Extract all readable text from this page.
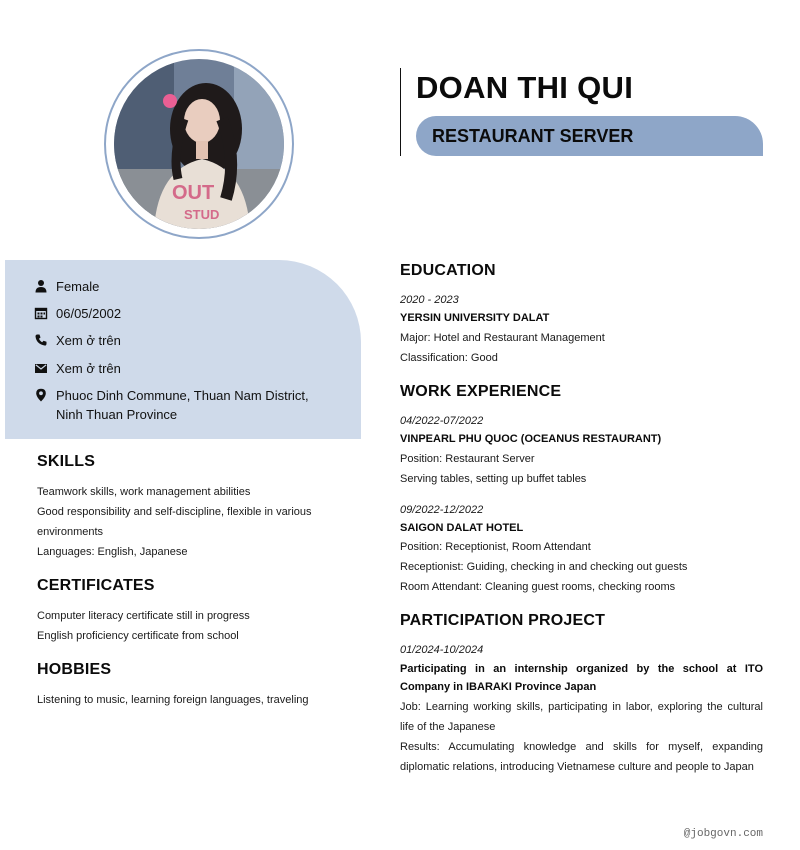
OUT
STUD
DOAN THI QUI
RESTAURANT SERVER
Female
06/05/2002
Xem ở trên
Xem ở trên
Phuoc Dinh Commune, Thuan Nam District, Ninh Thuan Province
SKILLS
Teamwork skills, work management abilities
Good responsibility and self-discipline, flexible in various environments
Languages: English, Japanese
CERTIFICATES
Computer literacy certificate still in progress
English proficiency certificate from school
HOBBIES
Listening to music, learning foreign languages, traveling
EDUCATION
2020 - 2023
YERSIN UNIVERSITY DALAT
Major: Hotel and Restaurant Management
Classification: Good
WORK EXPERIENCE
04/2022-07/2022
VINPEARL PHU QUOC (OCEANUS RESTAURANT)
Position: Restaurant Server
Serving tables, setting up buffet tables
09/2022-12/2022
SAIGON DALAT HOTEL
Position: Receptionist, Room Attendant
Receptionist: Guiding, checking in and checking out guests
Room Attendant: Cleaning guest rooms, checking rooms
PARTICIPATION PROJECT
01/2024-10/2024
Participating in an internship organized by the school at ITO Company in IBARAKI Province Japan
Job: Learning working skills, participating in labor, exploring the cultural life of the Japanese
Results: Accumulating knowledge and skills for myself, expanding diplomatic relations, introducing Vietnamese culture and people to Japan
@jobgovn.com
